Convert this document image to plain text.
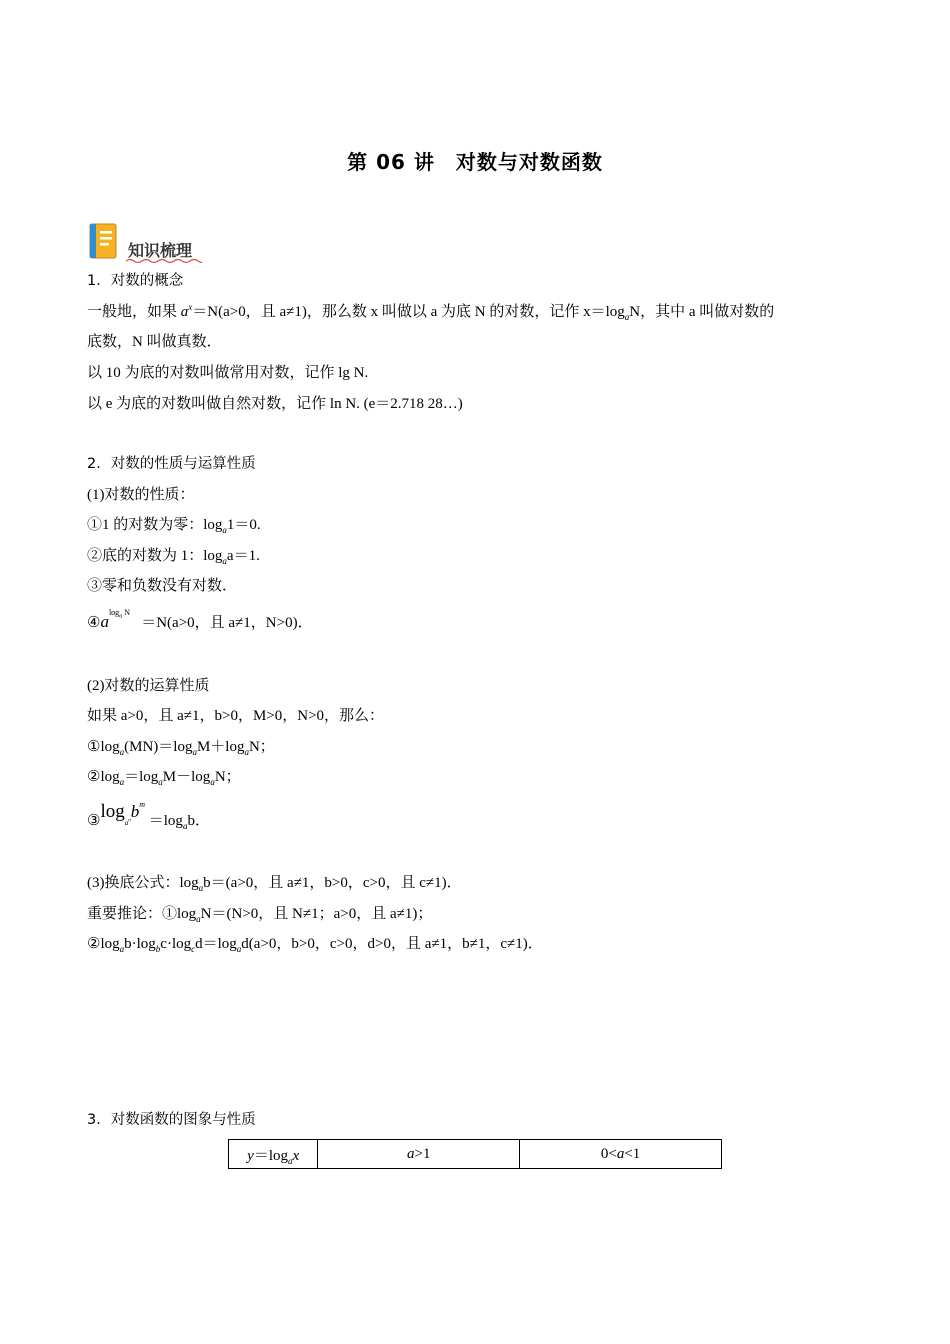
第 06 讲　对数与对数函数
知识梳理
1．对数的概念
一般地，如果 $a^x=N(a>0$，且 a≠1)，那么数 x 叫做以 a 为底 N 的对数，记作 $x=\log_aN$，其中 a 叫做对数的
底数，N 叫做真数．
以 10 为底的对数叫做常用对数，记作 lg N.
以 e 为底的对数叫做自然对数，记作 ln N. (e＝2.718 28…)
2．对数的性质与运算性质
(1)对数的性质：
①1 的对数为零：$\log_a1=0$.
②底的对数为 1：$\log_aa=1$.
③零和负数没有对数．
$④a^{log_a N} =N(a>0$，且 a≠1，N>0)．
(2)对数的运算性质
如果 a>0，且 a≠1，b>0，M>0，N>0，那么：
$①\log_a(MN)=\log_aM+\log_aN$；
$②\log_a=\log_aM-\log_aN$；
$③\log_{a^n}b^m =\log_ab$．
(3)换底公式：$\log_ab=(a>0$，且 a≠1，b>0，c>0，且 c≠1)．
重要推论：$①\log_aN=(N>0$，且 N≠1；a>0，且 a≠1)；
$②\log_ab\cdot\log_bc\cdot\log_cd=\log_ad(a>0$，b>0，c>0，d>0，且 a≠1，b≠1，c≠1)．
3．对数函数的图象与性质
$y=\log_ax$	a>1	0<a<1
